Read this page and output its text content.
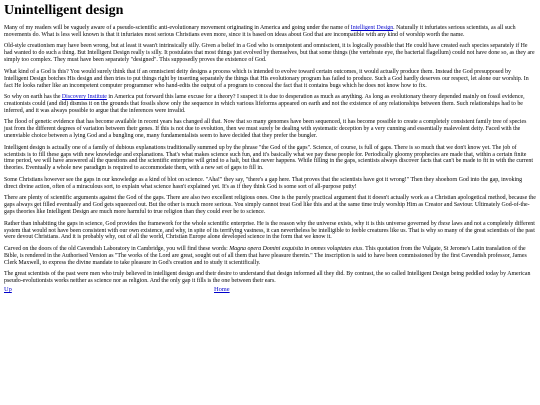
Unintelligent design

Many of my readers will be vaguely aware of a pseudo-scientific anti-evolutionary movement originating in America and going under the name of Intelligent Design. Naturally it infuriates serious scientists, as all such movements do. What is less well known is that it infuriates most serious Christians even more, since it is based on ideas about God that are incompatible with any kind of worship worth the name.

Old-style creationism may have been wrong, but at least it wasn't intrinsically silly. Given a belief in a God who is omnipotent and omniscient, it is logically possible that He could have created each species separately if He had wanted to do such a thing. But Intelligent Design really is silly. It postulates that most things just evolved by themselves, but that some things (the vertebrate eye, the bacterial flagellum) could not have done so, as they are simply too complex. They must have been separately "designed". This supposedly proves the existence of God.

What kind of a God is this? You would surely think that if an omniscient deity designs a process which is intended to evolve toward certain outcomes, it would actually produce them. Instead the God presupposed by Intelligent Design botches His design and then tries to put things right by inserting separately the things that His evolutionary program has failed to produce. Such a God hardly deserves our respect, let alone our worship. In fact He looks rather like an incompetent computer programmer who hand-edits the output of a program to conceal the fact that it contains bugs which he does not know how to fix.

So why on earth has the Discovery Institute in America put forward this lame excuse for a theory? I suspect it is due to desperation as much as anything. As long as evolutionary theory depended mainly on fossil evidence, creationists could (and did) dismiss it on the grounds that fossils show only the sequence in which various lifeforms appeared on earth and not the existence of any relationships between them. Such relationships had to be inferred, and it was always possible to argue that the inferences were invalid.

The flood of genetic evidence that has become available in recent years has changed all that. Now that so many genomes have been sequenced, it has become possible to create a completely consistent family tree of species just from the different degrees of variation between their genes. If this is not due to evolution, then we must surely be dealing with systematic deception by a very cunning and essentially malevolent deity. Faced with the unenviable choice between a lying God and a bungling one, many fundamentalists seem to have decided that they prefer the bungler.

Intelligent design is actually one of a family of dubious explanations traditionally summed up by the phrase "the God of the gaps". Science, of course, is full of gaps. There is so much that we don't know yet. The job of scientists is to fill these gaps with new knowledge and explanations. That's what makes science such fun, and it's basically what we pay these people for. Periodically gloomy prophecies are made that, within a certain finite time period, we will have answered all the questions and the scientific enterprise will grind to a halt, but that never happens. While filling in the gaps, scientists always discover facts that can't be made to fit in with the current theories. Eventually a whole new paradigm is required to accommodate them, with a new set of gaps to fill in.

Some Christians however see the gaps in our knowledge as a kind of blot on science. "Aha!" they say, "there's a gap here. That proves that the scientists have got it wrong!" Then they shoehorn God into the gap, invoking direct divine action, often of a miraculous sort, to explain what science hasn't explained yet. It's as if they think God is some sort of all-purpose putty!

There are plenty of scientific arguments against the God of the gaps. There are also two excellent religious ones. One is the purely practical argument that it doesn't actually work as a Christian apologetical method, because the gaps always get filled eventually and God gets squeezed out. But the other is much more serious. You simply cannot treat God like this and at the same time truly worship Him as Creator and Saviour. Ultimately God-of-the-gaps theories like Intelligent Design are much more harmful to true religion than they could ever be to science.

Rather than inhabiting the gaps in science, God provides the framework for the whole scientific enterprise. He is the reason why the universe exists, why it is this universe governed by these laws and not a completely different system that would not have been consistent with our own existence, and why, in spite of its terrifying vastness, it can nevertheless be intelligible to feeble creatures like us. That is why so many of the great scientists of the past were devout Christians. And it is probably why, out of all the world, Christian Europe alone developed science in the form that we know it.

Carved on the doors of the old Cavendish Laboratory in Cambridge, you will find these words: Magna opera Domini exquisita in omnes voluptates eius. This quotation from the Vulgate, St Jerome's Latin translation of the Bible, is rendered in the Authorised Version as "The works of the Lord are great, sought out of all them that have pleasure therein." The inscription is said to have been commissioned by the first Cavendish professor, James Clerk Maxwell, to express the divine mandate to take pleasure in God's creation and to study it scientifically.

The great scientists of the past were men who truly believed in intelligent design and their desire to understand that design informed all they did. By contrast, the so called Intelligent Design being peddled today by American pseudo-evolutionists works neither as science nor as religion. And the only gap it fills is the one between their ears.

Up	Home
